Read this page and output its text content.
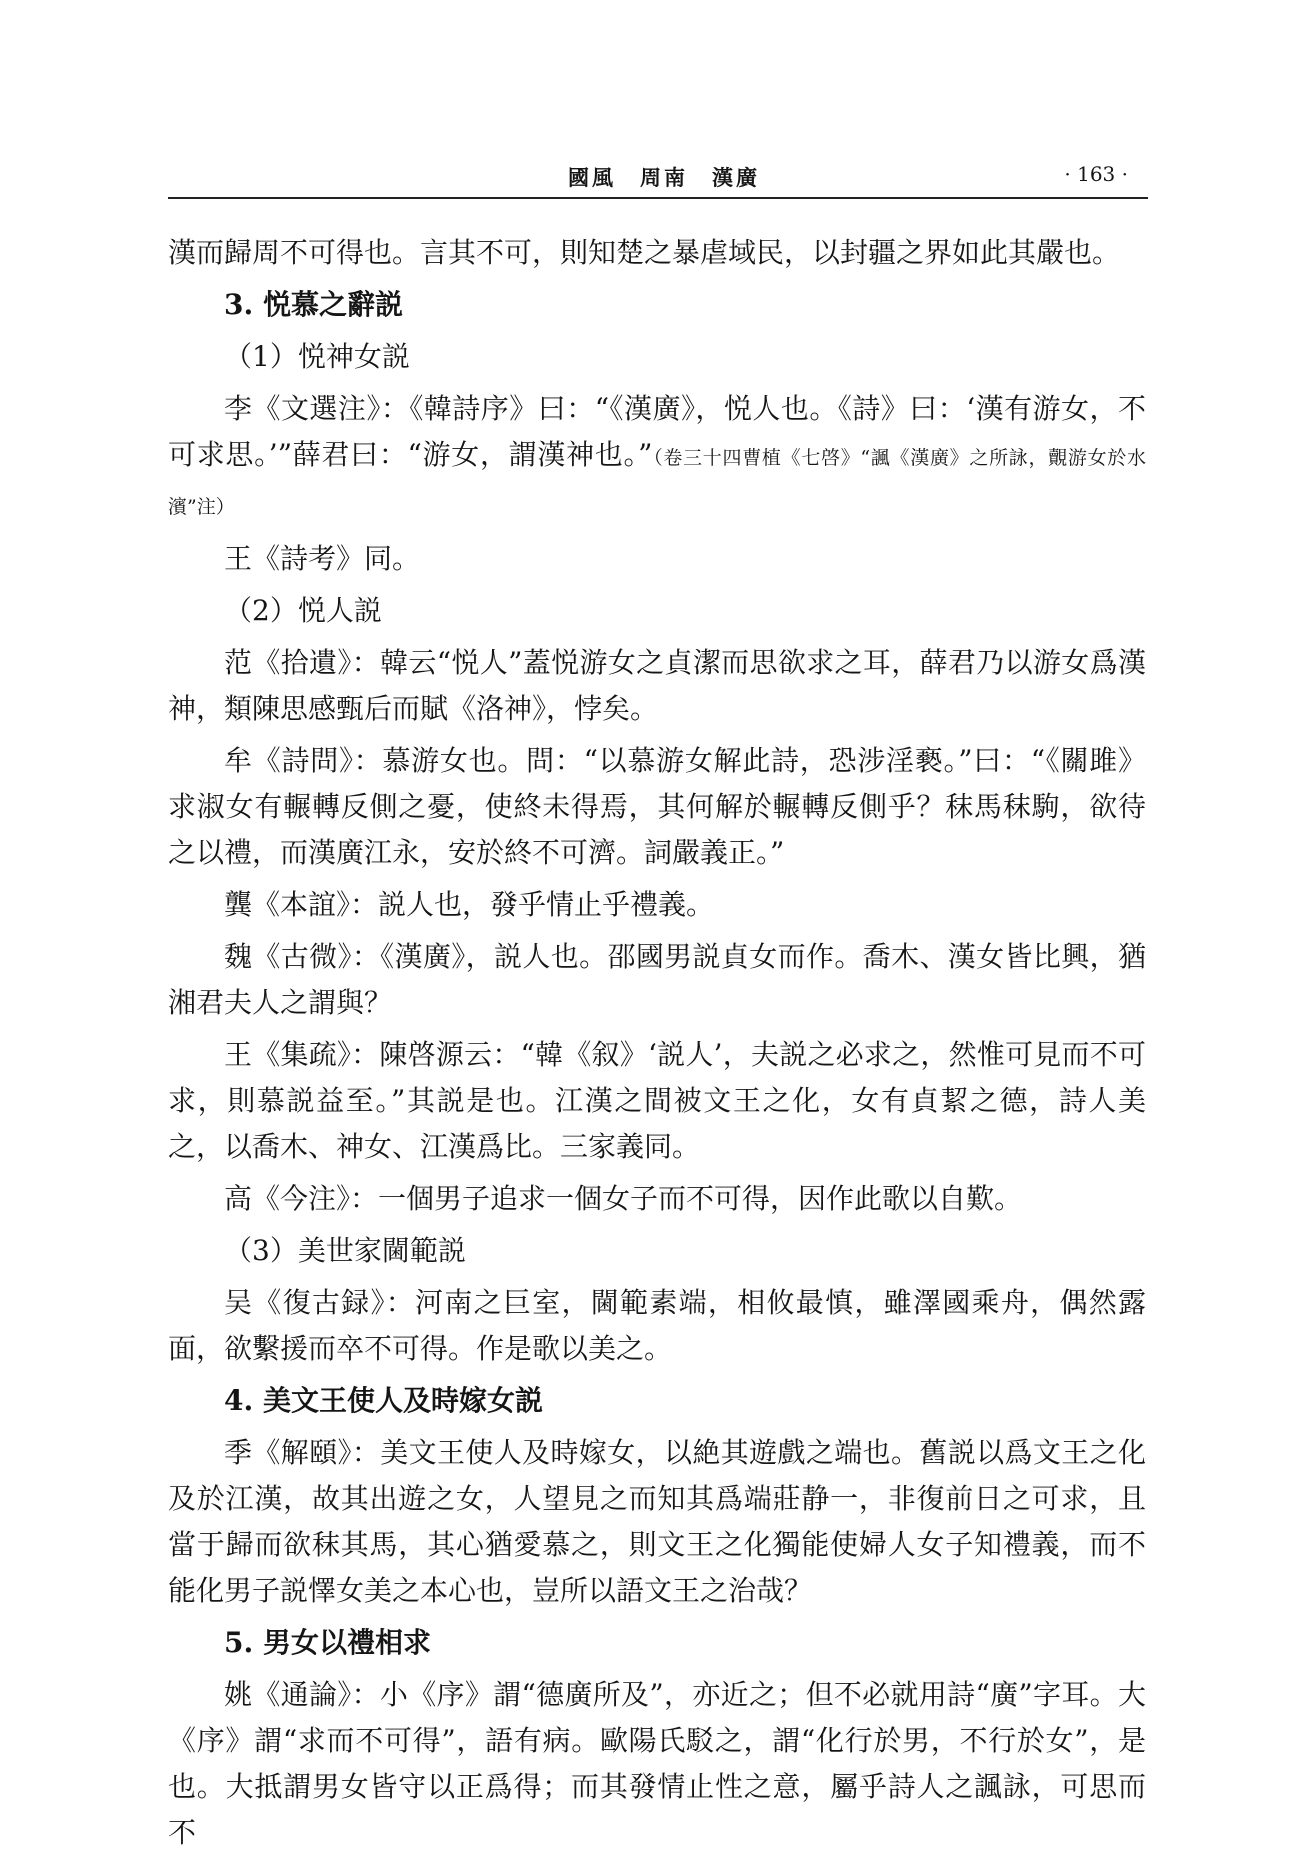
國風　周南　漢廣	· 163 ·

漢而歸周不可得也。言其不可，則知楚之暴虐域民，以封疆之界如此其嚴也。

3. 悦慕之辭説

（1）悦神女説

李《文選注》：《韓詩序》曰：“《漢廣》，悦人也。《詩》曰：‘漢有游女，不可求思。’”薛君曰：“游女，謂漢神也。”（卷三十四曹植《七啓》“諷《漢廣》之所詠，覿游女於水濱”注）

王《詩考》同。

（2）悦人説

范《拾遺》：韓云“悦人”蓋悦游女之貞潔而思欲求之耳，薛君乃以游女爲漢神，類陳思感甄后而賦《洛神》，悖矣。

牟《詩問》：慕游女也。問：“以慕游女解此詩，恐涉淫褻。”曰：“《關雎》求淑女有輾轉反側之憂，使終未得焉，其何解於輾轉反側乎？秣馬秣駒，欲待之以禮，而漢廣江永，安於終不可濟。詞嚴義正。”

龔《本誼》：説人也，發乎情止乎禮義。

魏《古微》：《漢廣》，説人也。邵國男説貞女而作。喬木、漢女皆比興，猶湘君夫人之謂與？

王《集疏》：陳啓源云：“韓《叙》‘説人’，夫説之必求之，然惟可見而不可求，則慕説益至。”其説是也。江漢之間被文王之化，女有貞絜之德，詩人美之，以喬木、神女、江漢爲比。三家義同。

高《今注》：一個男子追求一個女子而不可得，因作此歌以自歎。

（3）美世家閫範説

吴《復古録》：河南之巨室，閫範素端，相攸最慎，雖澤國乘舟，偶然露面，欲繫援而卒不可得。作是歌以美之。

4. 美文王使人及時嫁女説

季《解頤》：美文王使人及時嫁女，以絶其遊戲之端也。舊説以爲文王之化及於江漢，故其出遊之女，人望見之而知其爲端莊静一，非復前日之可求，且當于歸而欲秣其馬，其心猶愛慕之，則文王之化獨能使婦人女子知禮義，而不能化男子説懌女美之本心也，豈所以語文王之治哉？

5. 男女以禮相求

姚《通論》：小《序》謂“德廣所及”，亦近之；但不必就用詩“廣”字耳。大《序》謂“求而不可得”，語有病。歐陽氏駁之，謂“化行於男，不行於女”，是也。大抵謂男女皆守以正爲得；而其發情止性之意，屬乎詩人之諷詠，可思而不
